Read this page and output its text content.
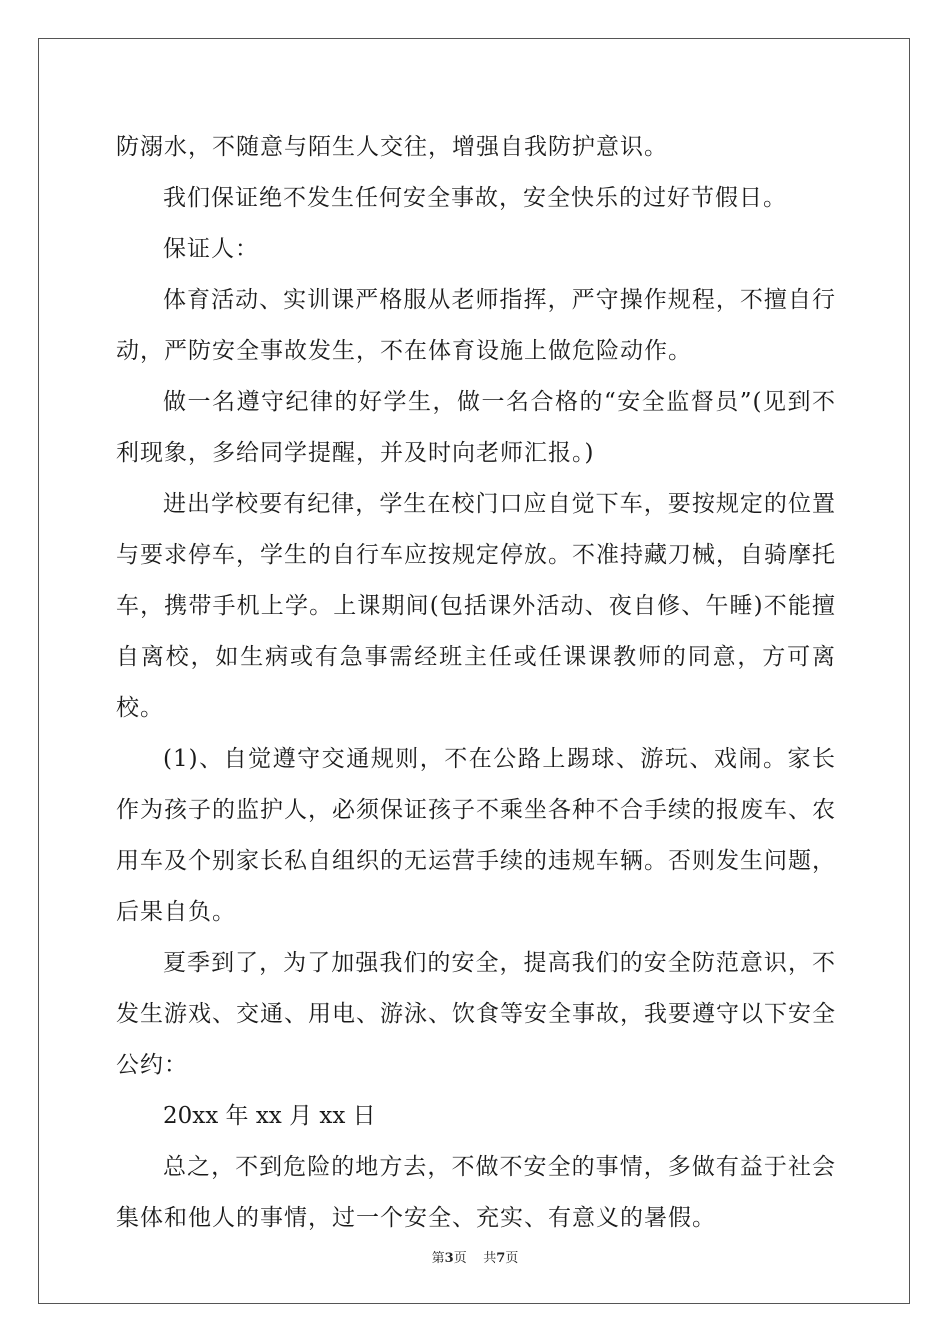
防溺水，不随意与陌生人交往，增强自我防护意识。

我们保证绝不发生任何安全事故，安全快乐的过好节假日。

保证人：

体育活动、实训课严格服从老师指挥，严守操作规程，不擅自行动，严防安全事故发生，不在体育设施上做危险动作。

做一名遵守纪律的好学生，做一名合格的“安全监督员”(见到不利现象，多给同学提醒，并及时向老师汇报。)

进出学校要有纪律，学生在校门口应自觉下车，要按规定的位置与要求停车，学生的自行车应按规定停放。不准持藏刀械，自骑摩托车，携带手机上学。上课期间(包括课外活动、夜自修、午睡)不能擅自离校，如生病或有急事需经班主任或任课课教师的同意，方可离校。

(1)、自觉遵守交通规则，不在公路上踢球、游玩、戏闹。家长作为孩子的监护人，必须保证孩子不乘坐各种不合手续的报废车、农用车及个别家长私自组织的无运营手续的违规车辆。否则发生问题，后果自负。

夏季到了，为了加强我们的安全，提高我们的安全防范意识，不发生游戏、交通、用电、游泳、饮食等安全事故，我要遵守以下安全公约：

20xx 年 xx 月 xx 日

总之，不到危险的地方去，不做不安全的事情，多做有益于社会集体和他人的事情，过一个安全、充实、有意义的暑假。

第3页 共7页
